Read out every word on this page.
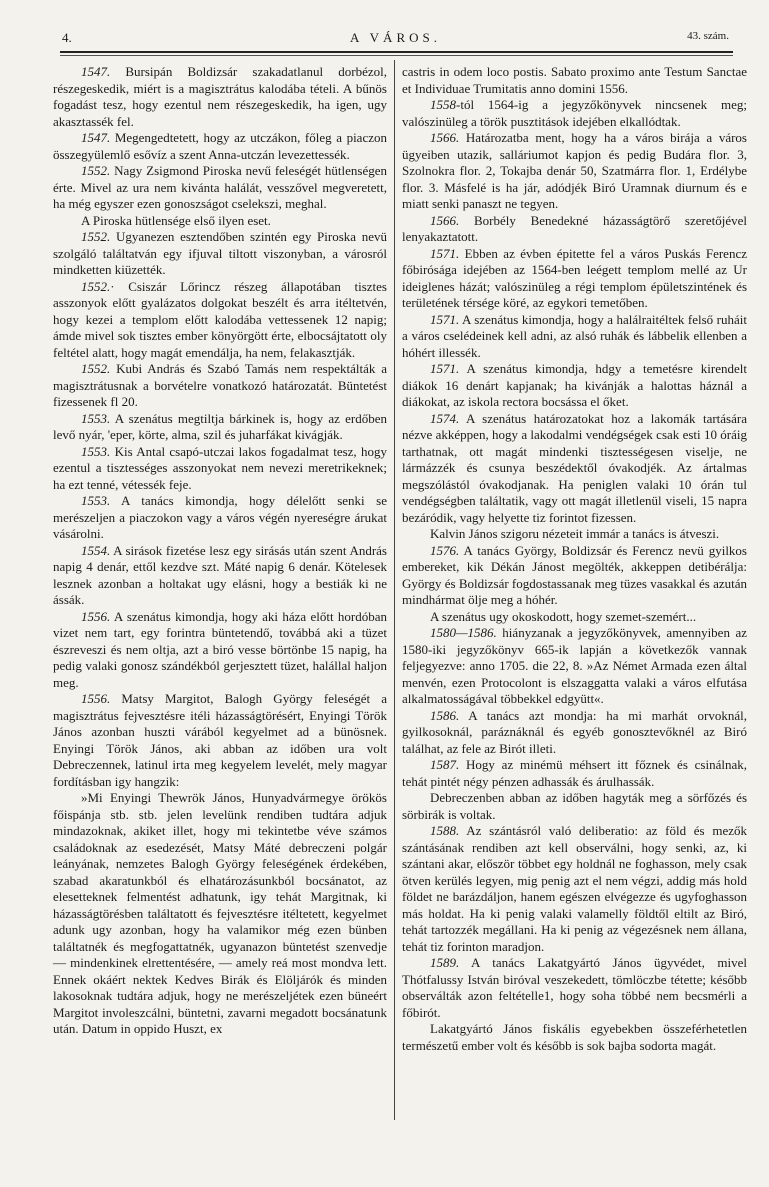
4.	A VÁROS.	43. szám.

1547. Bursipán Boldizsár szakadatlanul dorbézol, részegeskedik, miért is a magisztrátus kalodába tételi. A bűnös fogadást tesz, hogy ezentul nem részegeskedik, ha igen, ugy akasztassék fel.

1547. Megengedtetett, hogy az utczákon, főleg a piaczon összegyülemlő esővíz a szent Anna-utczán levezettessék.

1552. Nagy Zsigmond Piroska nevű feleségét hütlenségen érte. Mivel az ura nem kivánta halálát, vesszővel megveretett, ha még egyszer ezen gonoszságot cselekszi, meghal.

A Piroska hütlensége első ilyen eset.

1552. Ugyanezen esztendőben szintén egy Piroska nevü szolgáló találtatván egy ifjuval tiltott viszonyban, a városról mindketten kiüzették.

1552.· Csiszár Lőrincz részeg állapotában tisztes asszonyok előtt gyalázatos dolgokat beszélt és arra itéltetvén, hogy kezei a templom előtt kalodába vettessenek 12 napig; ámde mivel sok tisztes ember könyörgött érte, elbocsájtatott oly feltétel alatt, hogy magát emendálja, ha nem, felakasztják.

1552. Kubi András és Szabó Tamás nem respektálták a magisztrátusnak a borvételre vonatkozó határozatát. Büntetést fizessenek fl 20.

1553. A szenátus megtiltja bárkinek is, hogy az erdőben levő nyár, 'eper, körte, alma, szil és juharfákat kivágják.

1553. Kis Antal csapó-utczai lakos fogadalmat tesz, hogy ezentul a tisztességes asszonyokat nem nevezi meretrikeknek; ha ezt tenné, vétessék feje.

1553. A tanács kimondja, hogy délelőtt senki se merészeljen a piaczokon vagy a város végén nyereségre árukat vásárolni.

1554. A sirások fizetése lesz egy sirásás után szent András napig 4 denár, ettől kezdve szt. Máté napig 6 denár. Kötelesek lesznek azonban a holtakat ugy elásni, hogy a bestiák ki ne ássák.

1556. A szenátus kimondja, hogy aki háza előtt hordóban vizet nem tart, egy forintra büntetendő, továbbá aki a tüzet észreveszi és nem oltja, azt a biró vesse börtönbe 15 napig, ha pedig valaki gonosz szándékból gerjesztett tüzet, halállal haljon meg.

1556. Matsy Margitot, Balogh György feleségét a magisztrátus fejvesztésre itéli házasságtörésért, Enyingi Török János azonban huszti várából kegyelmet ad a bünösnek. Enyingi Török János, aki abban az időben ura volt Debreczennek, latinul irta meg kegyelem levelét, mely magyar fordításban igy hangzik:

»Mi Enyingi Thewrök János, Hunyadvármegye örökös főispánja stb. stb. jelen levelünk rendiben tudtára adjuk mindazoknak, akiket illet, hogy mi tekintetbe véve számos családoknak az esedezését, Matsy Máté debreczeni polgár leányának, nemzetes Balogh György feleségének érdekében, szabad akaratunkból és elhatározásunkból bocsánatot, az elesetteknek felmentést adhatunk, igy tehát Margitnak, ki házasságtörésben találtatott és fejvesztésre itéltetett, kegyelmet adunk ugy azonban, hogy ha valamikor még ezen bünben találtatnék és megfogattatnék, ugyanazon büntetést szenvedje — mindenkinek elrettentésére, — amely reá most mondva lett. Ennek okáért nektek Kedves Birák és Elöljárók és minden lakosoknak tudtára adjuk, hogy ne merészeljétek ezen büneért Margitot involeszcálni, büntetni, zavarni megadott bocsánatunk után. Datum in oppido Huszt, ex

castris in odem loco postis. Sabato proximo ante Testum Sanctae et Individuae Trumitatis anno domini 1556.

1558-tól 1564-ig a jegyzőkönyvek nincsenek meg; valószinüleg a török pusztitások idejében elkallódtak.

1566. Határozatba ment, hogy ha a város birája a város ügyeiben utazik, salláriumot kapjon és pedig Budára flor. 3, Szolnokra flor. 2, Tokajba denár 50, Szatmárra flor. 1, Erdélybe flor. 3. Másfelé is ha jár, adódjék Biró Uramnak diurnum és e miatt senki panaszt ne tegyen.

1566. Borbély Benedekné házasságtörő szeretőjével lenyakaztatott.

1571. Ebben az évben épitette fel a város Puskás Ferencz főbirósága idejében az 1564-ben leégett templom mellé az Ur ideiglenes házát; valószinüleg a régi templom épületszintének és területének térsége köré, az egykori temetőben.

1571. A szenátus kimondja, hogy a halálraitéltek felső ruháit a város cselédeinek kell adni, az alsó ruhák és lábbelik ellenben a hóhért illessék.

1571. A szenátus kimondja, hdgy a temetésre kirendelt diákok 16 denárt kapjanak; ha kivánják a halottas háznál a diákokat, az iskola rectora bocsássa el őket.

1574. A szenátus határozatokat hoz a lakomák tartására nézve akképpen, hogy a lakodalmi vendégségek csak esti 10 óráig tarthatnak, ott magát mindenki tisztességesen viselje, ne lármázzék és csunya beszédektől óvakodjék. Az ártalmas megszólástól óvakodjanak. Ha peniglen valaki 10 órán tul vendégségben találtatik, vagy ott magát illetlenül viseli, 15 napra bezáródik, vagy helyette tiz forintot fizessen.

Kalvin János szigoru nézeteit immár a tanács is átveszi.

1576. A tanács György, Boldizsár és Ferencz nevü gyilkos embereket, kik Dékán Jánost megölték, akkeppen detibérálja: György és Boldizsár fogdostassanak meg tüzes vasakkal és azután mindhármat ölje meg a hóhér.

A szenátus ugy okoskodott, hogy szemet-szemért...

1580—1586. hiányzanak a jegyzőkönyvek, amennyiben az 1580-iki jegyzőkönyv 665-ik lapján a következők vannak feljegyezve: anno 1705. die 22, 8. »Az Német Armada ezen által menvén, ezen Protocolont is elszaggatta valaki a város elfutása alkalmatosságával többekkel edgyütt«.

1586. A tanács azt mondja: ha mi marhát orvoknál, gyilkosoknál, paráznáknál és egyéb gonosztevőknél az Biró találhat, az fele az Birót illeti.

1587. Hogy az minémü méhsert itt főznek és csinálnak, tehát pintét négy pénzen adhassák és árulhassák.

Debreczenben abban az időben hagyták meg a sörfőzés és sörbirák is voltak.

1588. Az szántásról való deliberatio: az föld és mezők szántásának rendiben azt kell observálni, hogy senki, az, ki szántani akar, először többet egy holdnál ne foghasson, mely csak ötven kerülés legyen, mig penig azt el nem végzi, addig más hold földet ne barázdáljon, hanem egészen elvégezze és ugyfoghasson más holdat. Ha ki penig valaki valamelly földtől eltilt az Biró, tehát tartozzék megállani. Ha ki penig az végezésnek nem állana, tehát tiz forinton maradjon.

1589. A tanács Lakatgyártó János ügyvédet, mivel Thótfalussy István biróval veszekedett, tömlöczbe tétette; később observálták azon feltételle1, hogy soha többé nem becsmérli a főbirót.

Lakatgyártó János fiskális egyebekben összeférhetetlen természetű ember volt és később is sok bajba sodorta magát.
